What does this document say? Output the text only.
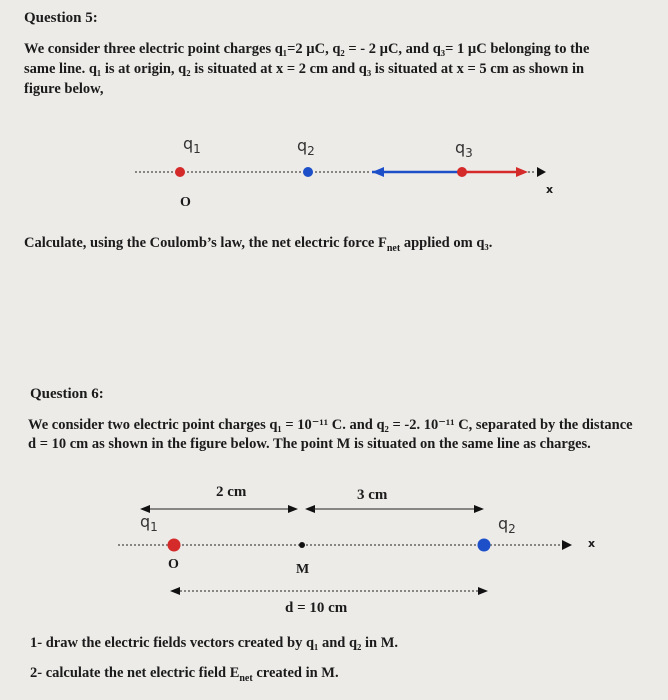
Question 5:
We consider three electric point charges q₁=2 µC, q₂ = - 2 µC, and q₃= 1 µC belonging to the
same line. q₁ is at origin, q₂ is situated at x = 2 cm and q₃ is situated at x = 5 cm as shown in
figure below,
$q_1$	$q_2$	$q_3$
O
x
Calculate, using the Coulomb’s law, the net electric force $F_{net}$ applied om q₃.
Question 6:
We consider two electric point charges q₁ = 10⁻¹¹ C. and q₂ = -2. 10⁻¹¹ C, separated by the distance
d = 10 cm as shown in the figure below. The point M is situated on the same line as charges.
2 cm	3 cm
$q_1$	$q_2$
O	M
x
d = 10 cm
1- draw the electric fields vectors created by q₁ and q₂ in M.
2- calculate the net electric field $E_{net}$ created in M.
